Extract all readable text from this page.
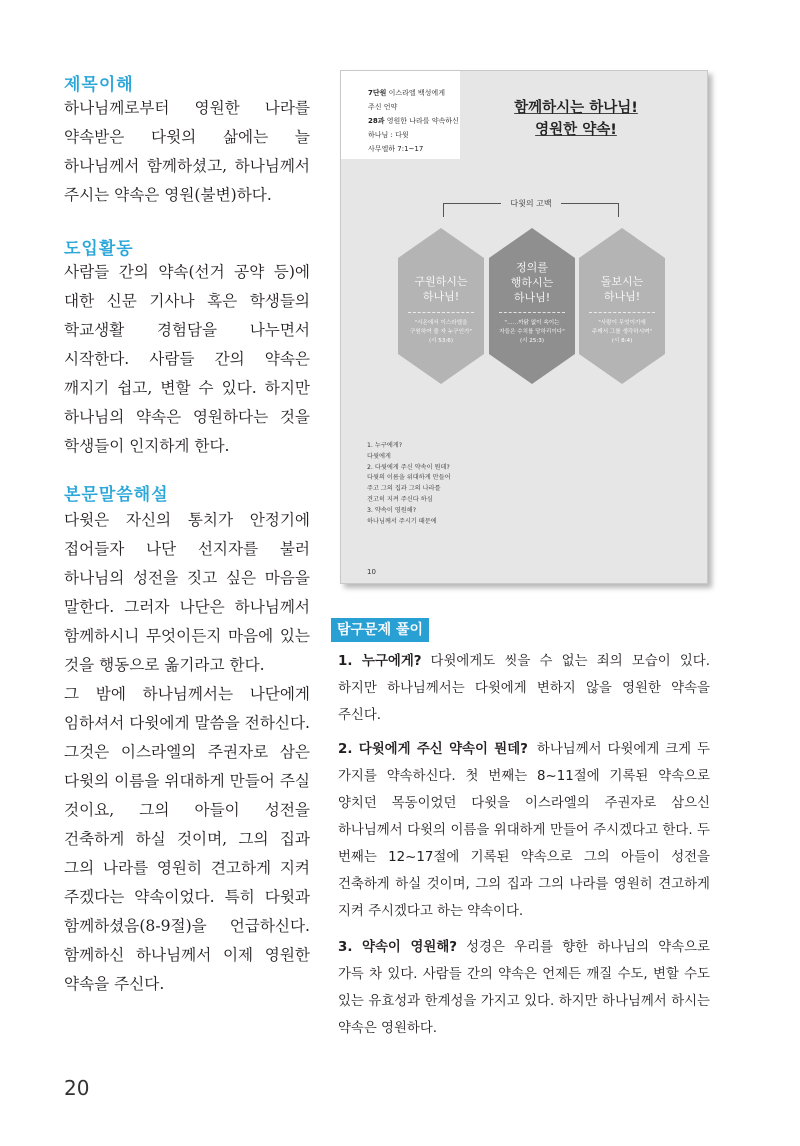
제목이해
하나님께로부터 영원한 나라를 약속받은 다윗의 삶에는 늘 하나님께서 함께하셨고, 하나님께서 주시는 약속은 영원(불변)하다.
도입활동
사람들 간의 약속(선거 공약 등)에 대한 신문 기사나 혹은 학생들의 학교생활 경험담을 나누면서 시작한다. 사람들 간의 약속은 깨지기 쉽고, 변할 수 있다. 하지만 하나님의 약속은 영원하다는 것을 학생들이 인지하게 한다.
본문말씀해설
다윗은 자신의 통치가 안정기에 접어들자 나단 선지자를 불러 하나님의 성전을 짓고 싶은 마음을 말한다. 그러자 나단은 하나님께서 함께하시니 무엇이든지 마음에 있는 것을 행동으로 옮기라고 한다.
그 밤에 하나님께서는 나단에게 임하셔서 다윗에게 말씀을 전하신다. 그것은 이스라엘의 주권자로 삼은 다윗의 이름을 위대하게 만들어 주실 것이요, 그의 아들이 성전을 건축하게 하실 것이며, 그의 집과 그의 나라를 영원히 견고하게 지켜 주겠다는 약속이었다. 특히 다윗과 함께하셨음(8-9절)을 언급하신다. 함께하신 하나님께서 이제 영원한 약속을 주신다.
7단원 이스라엘 백성에게
주신 언약
28과 영원한 나라를 약속하신
하나님 : 다윗
사무엘하 7:1~17
함께하시는 하나님!
영원한 약속!
다윗의 고백
구원하시는
하나님!
"시온에서 이스라엘을
구원하여 줄 자 누구인가"
(시 53:6)
정의를
행하시는
하나님!
"……까닭 없이 속이는
자들은 수치를 당하리이다"
(시 25:3)
돌보시는
하나님!
"사람이 무엇이기에
주께서 그를 생각하시며"
(시 8:4)
1. 누구에게?
다윗에게
2. 다윗에게 주신 약속이 뭔데?
다윗의 이름을 위대하게 만들어
주고 그의 집과 그의 나라를
견고히 지켜 주신다 하심
3. 약속이 영원해?
하나님께서 주시기 때문에
10
탐구문제 풀이
1. 누구에게? 다윗에게도 씻을 수 없는 죄의 모습이 있다. 하지만 하나님께서는 다윗에게 변하지 않을 영원한 약속을 주신다.
2. 다윗에게 주신 약속이 뭔데? 하나님께서 다윗에게 크게 두 가지를 약속하신다. 첫 번째는 8~11절에 기록된 약속으로 양치던 목동이었던 다윗을 이스라엘의 주권자로 삼으신 하나님께서 다윗의 이름을 위대하게 만들어 주시겠다고 한다. 두 번째는 12~17절에 기록된 약속으로 그의 아들이 성전을 건축하게 하실 것이며, 그의 집과 그의 나라를 영원히 견고하게 지켜 주시겠다고 하는 약속이다.
3. 약속이 영원해? 성경은 우리를 향한 하나님의 약속으로 가득 차 있다. 사람들 간의 약속은 언제든 깨질 수도, 변할 수도 있는 유효성과 한계성을 가지고 있다. 하지만 하나님께서 하시는 약속은 영원하다.
20
